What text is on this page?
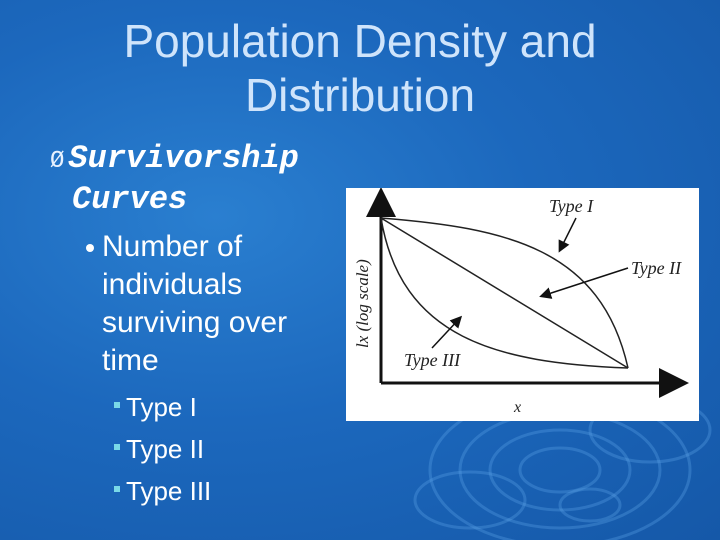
Population Density and
Distribution
Ø Survivorship
Curves
Number of individuals surviving over time
Type I
Type II
Type III
Type I
Type II
Type III
x
lx (log scale)
